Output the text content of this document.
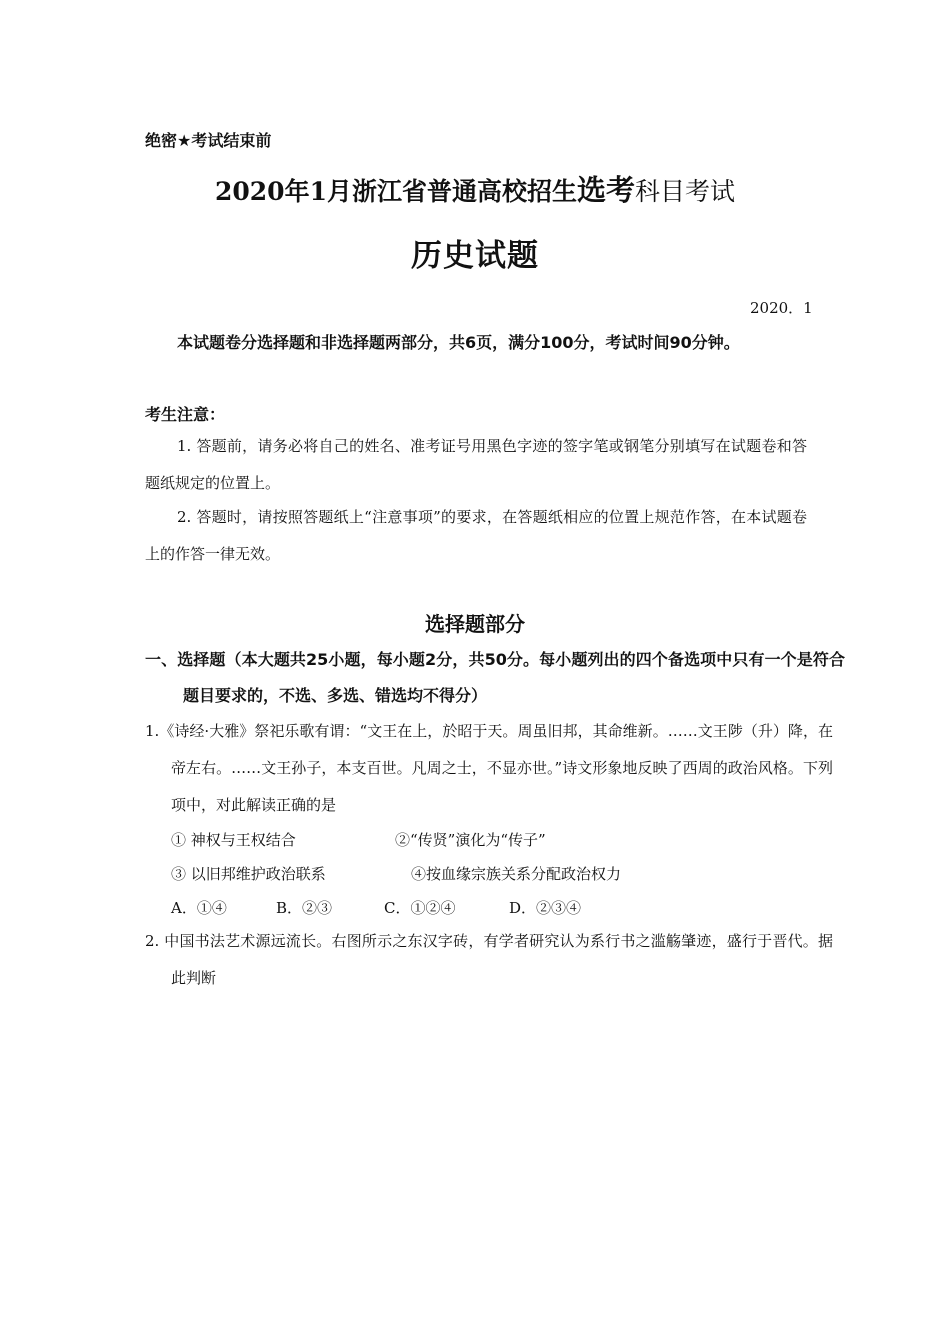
绝密★考试结束前
2020年1月浙江省普通高校招生选考科目考试
历史试题
2020．1
本试题卷分选择题和非选择题两部分，共6页，满分100分，考试时间90分钟。
考生注意：
1. 答题前，请务必将自己的姓名、准考证号用黑色字迹的签字笔或钢笔分别填写在试题卷和答题纸规定的位置上。
2. 答题时，请按照答题纸上“注意事项”的要求，在答题纸相应的位置上规范作答，在本试题卷上的作答一律无效。
选择题部分
一、选择题（本大题共25小题，每小题2分，共50分。每小题列出的四个备选项中只有一个是符合题目要求的，不选、多选、错选均不得分）
1.《诗经·大雅》祭祀乐歌有谓：“文王在上，於昭于天。周虽旧邦，其命维新。……文王陟（升）降，在帝左右。……文王孙子，本支百世。凡周之士，不显亦世。”诗文形象地反映了西周的政治风格。下列项中，对此解读正确的是
① 神权与王权结合	②“传贤”演化为“传子”
③ 以旧邦维护政治联系	④按血缘宗族关系分配政治权力
A．①④	B．②③	C．①②④	D．②③④
2. 中国书法艺术源远流长。右图所示之东汉字砖，有学者研究认为系行书之滥觞肇迹，盛行于晋代。据此判断
